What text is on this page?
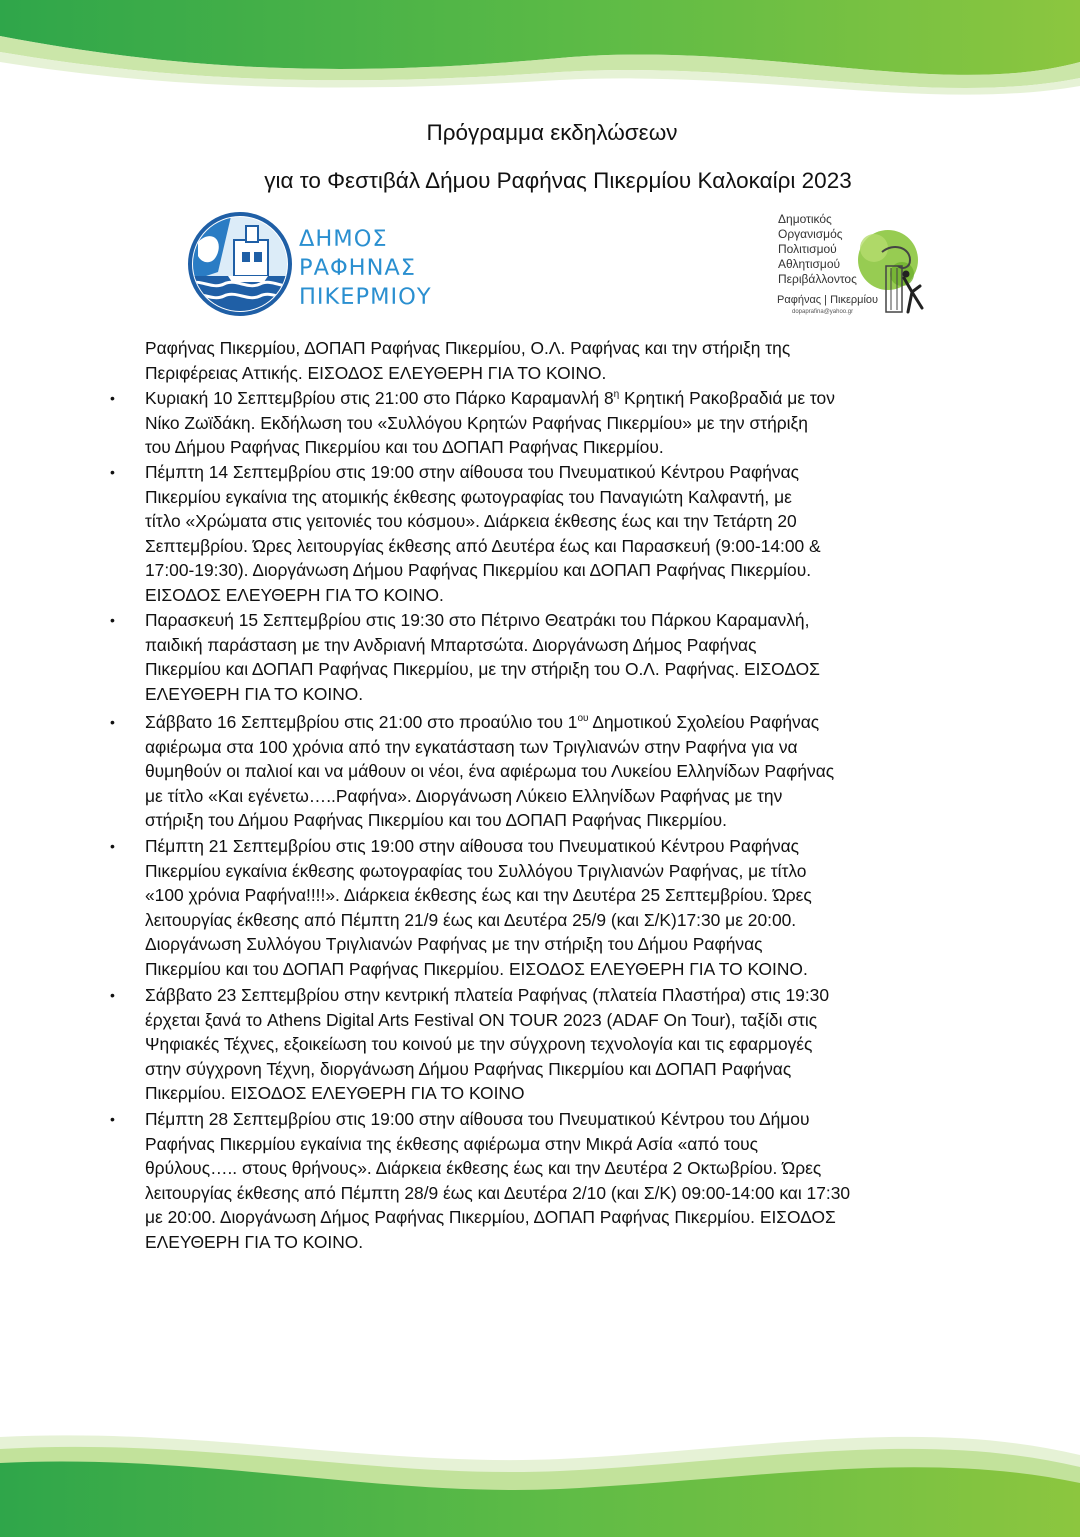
Πρόγραμμα εκδηλώσεων
για το Φεστιβάλ Δήμου Ραφήνας Πικερμίου Καλοκαίρι 2023
ΔΗΜΟΣ
ΡΑΦΗΝΑΣ
ΠΙΚΕΡΜΙΟΥ
Δημοτικός
Οργανισμός
Πολιτισμού
Αθλητισμού
Περιβάλλοντος
Ραφήνας | Πικερμίου
dopaprafina@yahoo.gr
Ραφήνας Πικερμίου, ΔΟΠΑΠ Ραφήνας Πικερμίου, Ο.Λ. Ραφήνας και την στήριξη της
Περιφέρειας Αττικής. ΕΙΣΟΔΟΣ ΕΛΕΥΘΕΡΗ ΓΙΑ ΤΟ ΚΟΙΝΟ.
• Κυριακή 10 Σεπτεμβρίου στις 21:00 στο Πάρκο Καραμανλή $8^\eta$ Κρητική Ρακοβραδιά με τον
Νίκο Ζωϊδάκη. Εκδήλωση του «Συλλόγου Κρητών Ραφήνας Πικερμίου» με την στήριξη
του Δήμου Ραφήνας Πικερμίου και του ΔΟΠΑΠ Ραφήνας Πικερμίου.
• Πέμπτη 14 Σεπτεμβρίου στις 19:00 στην αίθουσα του Πνευματικού Κέντρου Ραφήνας
Πικερμίου εγκαίνια της ατομικής έκθεσης φωτογραφίας του Παναγιώτη Καλφαντή, με
τίτλο «Χρώματα στις γειτονιές του κόσμου». Διάρκεια έκθεσης έως και την Τετάρτη 20
Σεπτεμβρίου. Ώρες λειτουργίας έκθεσης από Δευτέρα έως και Παρασκευή (9:00-14:00 &
17:00-19:30). Διοργάνωση Δήμου Ραφήνας Πικερμίου και ΔΟΠΑΠ Ραφήνας Πικερμίου.
ΕΙΣΟΔΟΣ ΕΛΕΥΘΕΡΗ ΓΙΑ ΤΟ ΚΟΙΝΟ.
• Παρασκευή 15 Σεπτεμβρίου στις 19:30 στο Πέτρινο Θεατράκι του Πάρκου Καραμανλή,
παιδική παράσταση με την Ανδριανή Μπαρτσώτα. Διοργάνωση Δήμος Ραφήνας
Πικερμίου και ΔΟΠΑΠ Ραφήνας Πικερμίου, με την στήριξη του Ο.Λ. Ραφήνας. ΕΙΣΟΔΟΣ
ΕΛΕΥΘΕΡΗ ΓΙΑ ΤΟ ΚΟΙΝΟ.
• Σάββατο 16 Σεπτεμβρίου στις 21:00 στο προαύλιο του $1^{o\upsilon}$ Δημοτικού Σχολείου Ραφήνας
αφιέρωμα στα 100 χρόνια από την εγκατάσταση των Τριγλιανών στην Ραφήνα για να
θυμηθούν οι παλιοί και να μάθουν οι νέοι, ένα αφιέρωμα του Λυκείου Ελληνίδων Ραφήνας
με τίτλο «Και εγένετω…..Ραφήνα». Διοργάνωση Λύκειο Ελληνίδων Ραφήνας με την
στήριξη του Δήμου Ραφήνας Πικερμίου και του ΔΟΠΑΠ Ραφήνας Πικερμίου.
• Πέμπτη 21 Σεπτεμβρίου στις 19:00 στην αίθουσα του Πνευματικού Κέντρου Ραφήνας
Πικερμίου εγκαίνια έκθεσης φωτογραφίας του Συλλόγου Τριγλιανών Ραφήνας, με τίτλο
«100 χρόνια Ραφήνα!!!!». Διάρκεια έκθεσης έως και την Δευτέρα 25 Σεπτεμβρίου. Ώρες
λειτουργίας έκθεσης από Πέμπτη 21/9 έως και Δευτέρα 25/9 (και Σ/Κ)17:30 με 20:00.
Διοργάνωση Συλλόγου Τριγλιανών Ραφήνας με την στήριξη του Δήμου Ραφήνας
Πικερμίου και του ΔΟΠΑΠ Ραφήνας Πικερμίου. ΕΙΣΟΔΟΣ ΕΛΕΥΘΕΡΗ ΓΙΑ ΤΟ ΚΟΙΝΟ.
• Σάββατο 23 Σεπτεμβρίου στην κεντρική πλατεία Ραφήνας (πλατεία Πλαστήρα) στις 19:30
έρχεται ξανά το Athens Digital Arts Festival ON TOUR 2023 (ADAF On Tour), ταξίδι στις
Ψηφιακές Τέχνες, εξοικείωση του κοινού με την σύγχρονη τεχνολογία και τις εφαρμογές
στην σύγχρονη Τέχνη, διοργάνωση Δήμου Ραφήνας Πικερμίου και ΔΟΠΑΠ Ραφήνας
Πικερμίου. ΕΙΣΟΔΟΣ ΕΛΕΥΘΕΡΗ ΓΙΑ ΤΟ ΚΟΙΝΟ
• Πέμπτη 28 Σεπτεμβρίου στις 19:00 στην αίθουσα του Πνευματικού Κέντρου του Δήμου
Ραφήνας Πικερμίου εγκαίνια της έκθεσης αφιέρωμα στην Μικρά Ασία «από τους
θρύλους….. στους θρήνους». Διάρκεια έκθεσης έως και την Δευτέρα 2 Οκτωβρίου. Ώρες
λειτουργίας έκθεσης από Πέμπτη 28/9 έως και Δευτέρα 2/10 (και Σ/Κ) 09:00-14:00 και 17:30
με 20:00. Διοργάνωση Δήμος Ραφήνας Πικερμίου, ΔΟΠΑΠ Ραφήνας Πικερμίου. ΕΙΣΟΔΟΣ
ΕΛΕΥΘΕΡΗ ΓΙΑ ΤΟ ΚΟΙΝΟ.
